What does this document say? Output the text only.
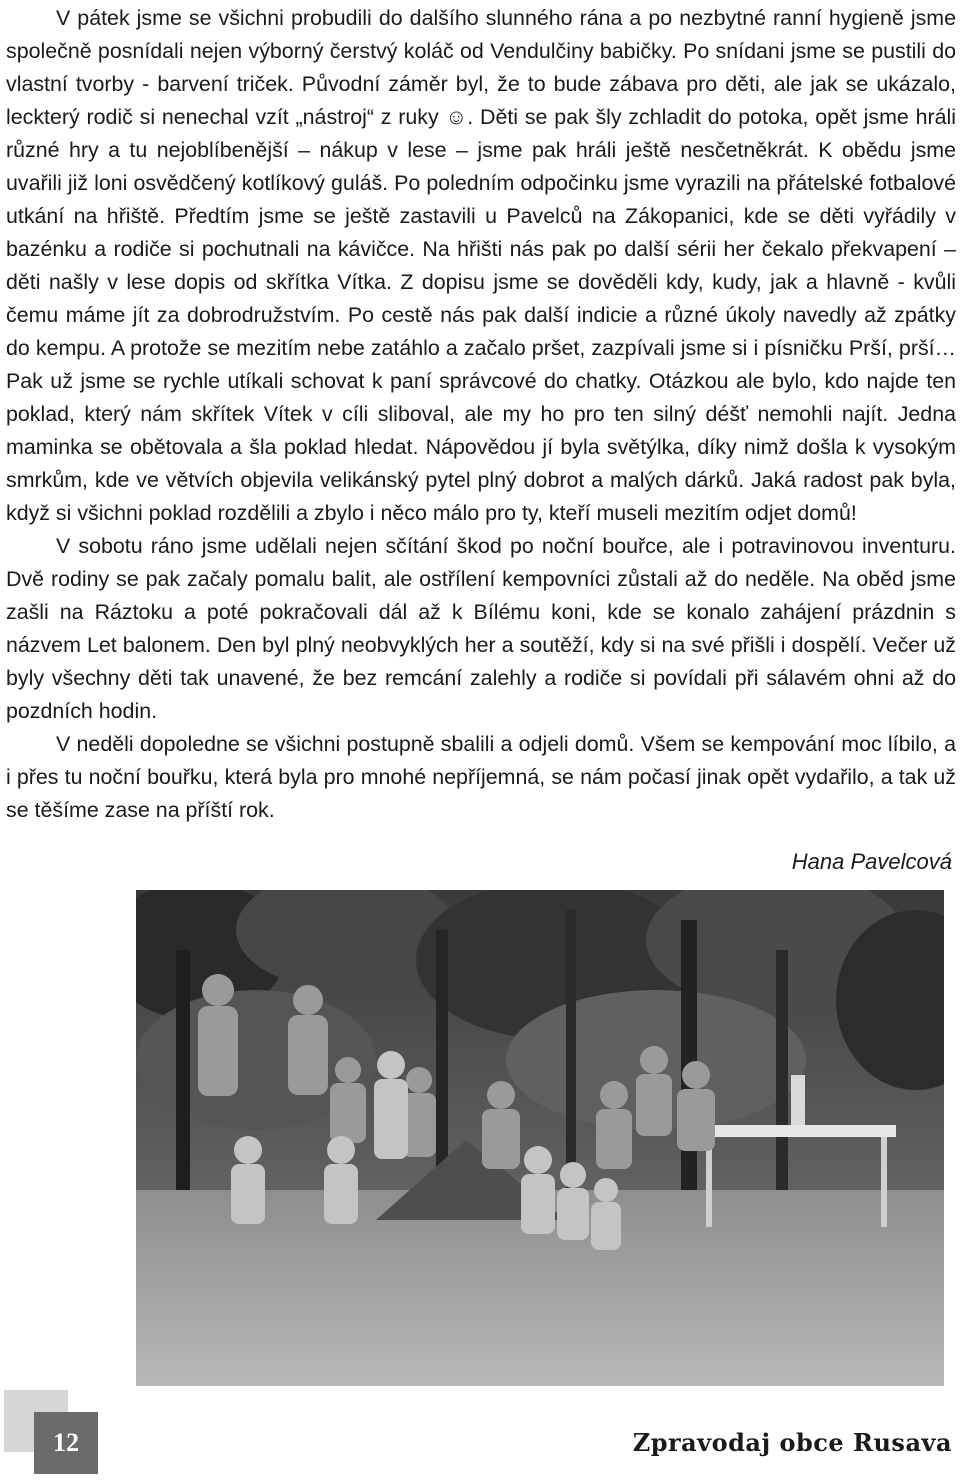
V pátek jsme se všichni probudili do dalšího slunného rána a po nezbytné ranní hygieně jsme společně posnídali nejen výborný čerstvý koláč od Vendulčiny babičky. Po snídani jsme se pustili do vlastní tvorby - barvení triček. Původní záměr byl, že to bude zábava pro děti, ale jak se ukázalo, leckterý rodič si nenechal vzít „nástroj“ z ruky ☺. Děti se pak šly zchladit do potoka, opět jsme hráli různé hry a tu nejoblíbenější – nákup v lese – jsme pak hráli ještě nesčetněkrát. K obědu jsme uvařili již loni osvědčený kotlíkový guláš. Po poledním odpočinku jsme vyrazili na přátelské fotbalové utkání na hřiště. Předtím jsme se ještě zastavili u Pavelců na Zákopanici, kde se děti vyřádily v bazénku a rodiče si pochutnali na kávičce. Na hřišti nás pak po další sérii her čekalo překvapení – děti našly v lese dopis od skřítka Vítka. Z dopisu jsme se dověděli kdy, kudy, jak a hlavně - kvůli čemu máme jít za dobrodružstvím. Po cestě nás pak další indicie a různé úkoly navedly až zpátky do kempu. A protože se mezitím nebe zatáhlo a začalo pršet, zazpívali jsme si i písničku Prší, prší… Pak už jsme se rychle utíkali schovat k paní správcové do chatky. Otázkou ale bylo, kdo najde ten poklad, který nám skřítek Vítek v cíli sliboval, ale my ho pro ten silný déšť nemohli najít. Jedna maminka se obětovala a šla poklad hledat. Nápovědou jí byla světýlka, díky nimž došla k vysokým smrkům, kde ve větvích objevila velikánský pytel plný dobrot a malých dárků. Jaká radost pak byla, když si všichni poklad rozdělili a zbylo i něco málo pro ty, kteří museli mezitím odjet domů!

V sobotu ráno jsme udělali nejen sčítání škod po noční bouřce, ale i potravinovou inventuru. Dvě rodiny se pak začaly pomalu balit, ale ostřílení kempovníci zůstali až do neděle. Na oběd jsme zašli na Ráztoku a poté pokračovali dál až k Bílému koni, kde se konalo zahájení prázdnin s názvem Let balonem. Den byl plný neobvyklých her a soutěží, kdy si na své přišli i dospělí. Večer už byly všechny děti tak unavené, že bez remcání zalehly a rodiče si povídali při sálavém ohni až do pozdních hodin.

V neděli dopoledne se všichni postupně sbalili a odjeli domů. Všem se kempování moc líbilo, a i přes tu noční bouřku, která byla pro mnohé nepříjemná, se nám počasí jinak opět vydařilo, a tak už se těšíme zase na příští rok.

Hana Pavelcová
12	Zpravodaj obce Rusava
